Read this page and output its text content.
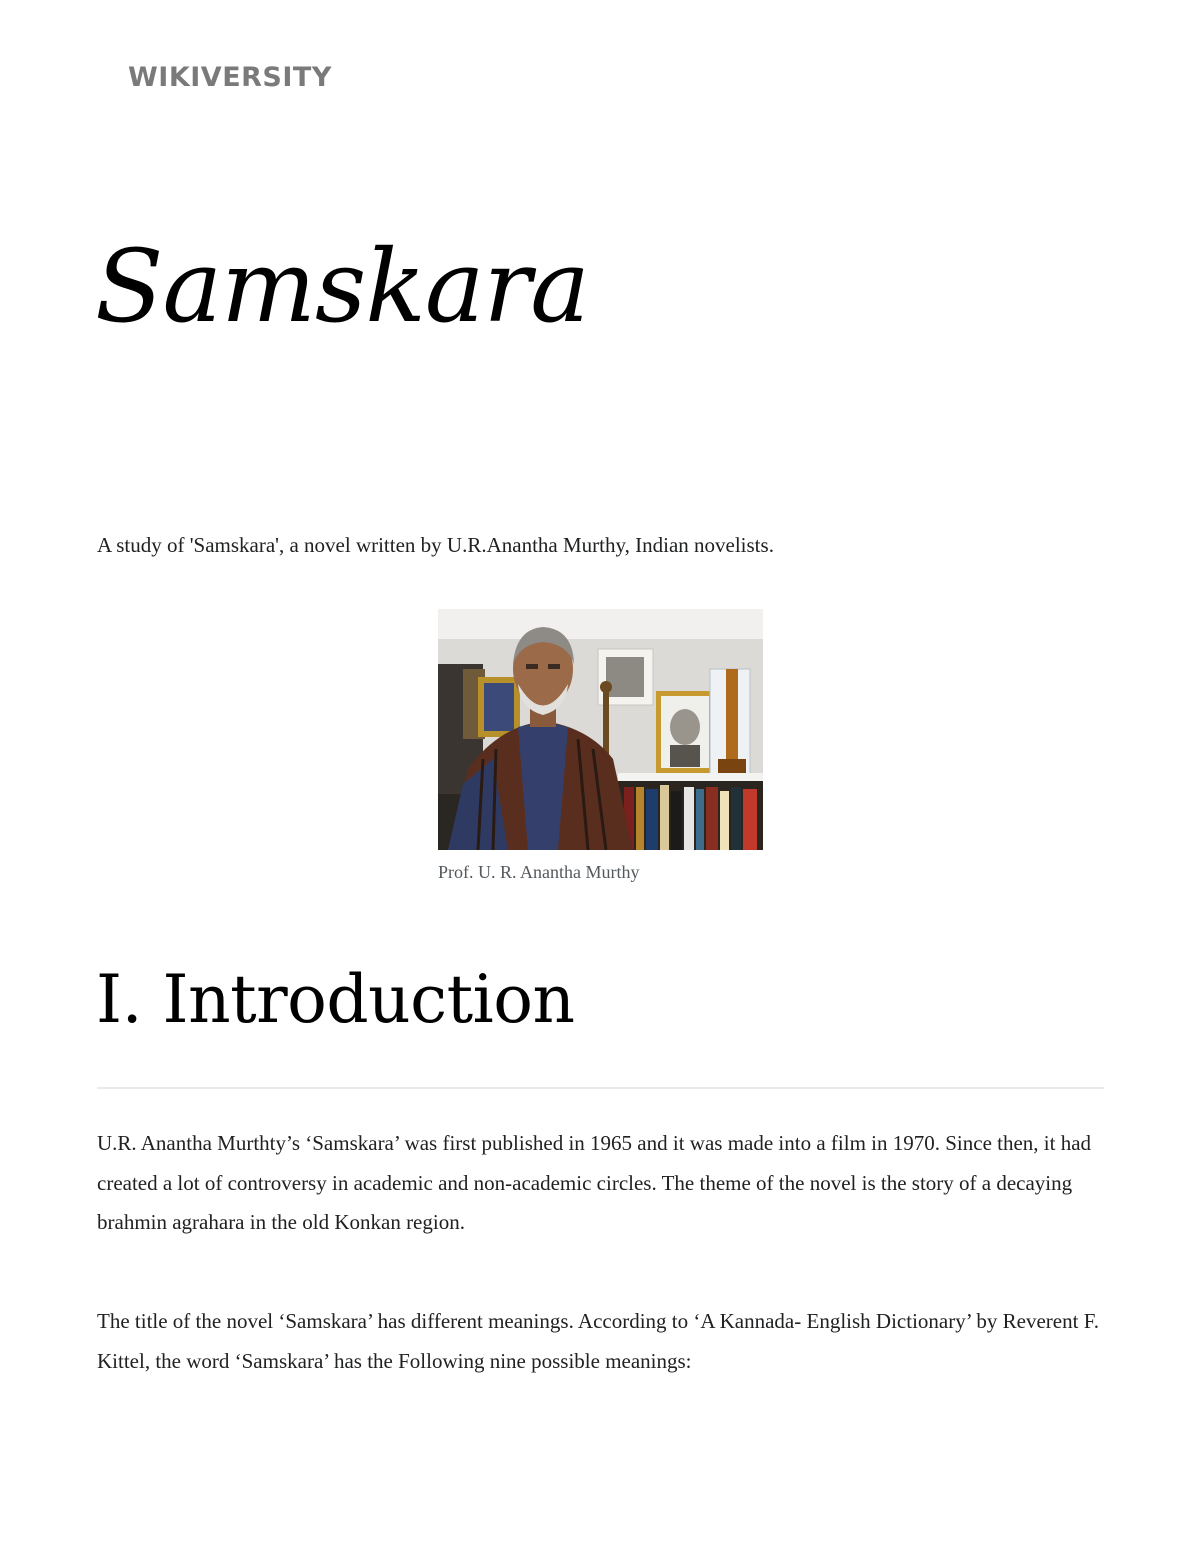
WIKIVERSITY
Samskara

A study of 'Samskara', a novel written by U.R.Anantha Murthy, Indian novelists.

Prof. U. R. Anantha Murthy
I. Introduction

U.R. Anantha Murthty’s ‘Samskara’ was first published in 1965 and it was made into a film in 1970. Since then, it had created a lot of controversy in academic and non-academic circles. The theme of the novel is the story of a decaying brahmin agrahara in the old Konkan region.

The title of the novel ‘Samskara’ has different meanings. According to ‘A Kannada- English Dictionary’ by Reverent F. Kittel, the word ‘Samskara’ has the Following nine possible meanings:
